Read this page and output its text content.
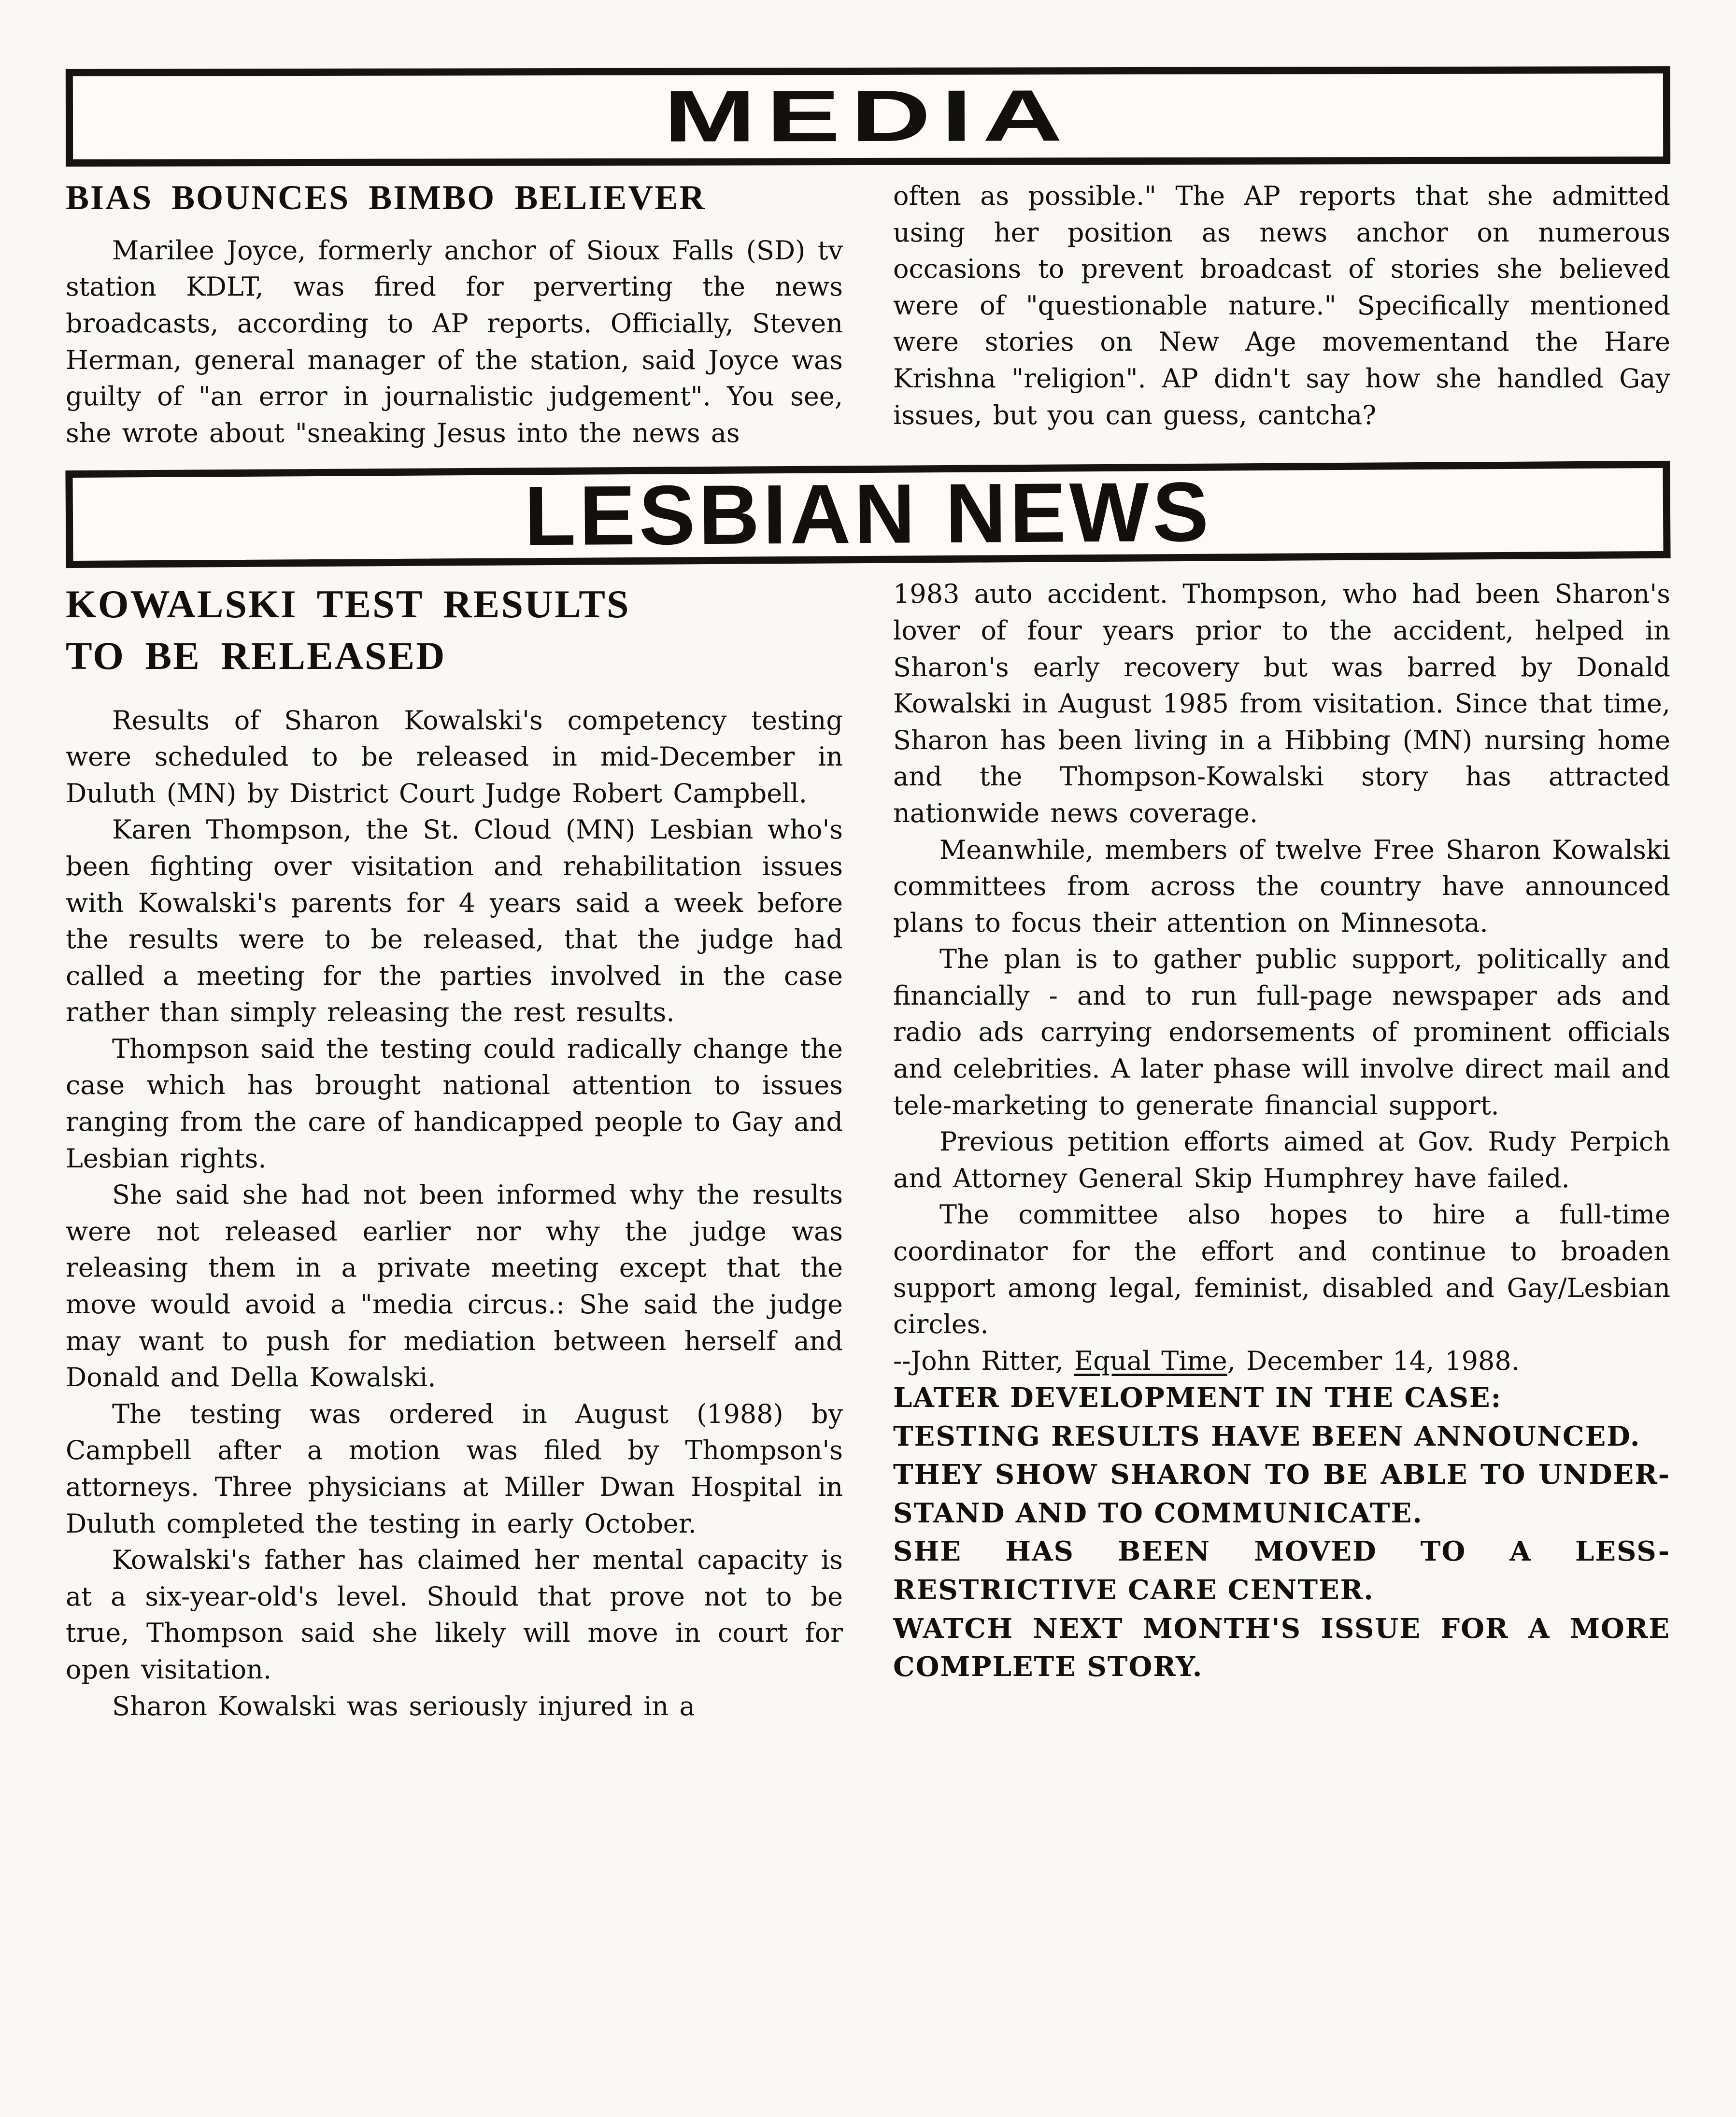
MEDIA
BIAS BOUNCES BIMBO BELIEVER

Marilee Joyce, formerly anchor of Sioux Falls (SD) tv station KDLT, was fired for perverting the news broadcasts, according to AP reports. Officially, Steven Herman, general manager of the station, said Joyce was guilty of "an error in journalistic judgement". You see, she wrote about "sneaking Jesus into the news as

often as possible." The AP reports that she admitted using her position as news anchor on numerous occasions to prevent broadcast of stories she believed were of "questionable nature." Specifically mentioned were stories on New Age movementand the Hare Krishna "religion". AP didn't say how she handled Gay issues, but you can guess, cantcha?

LESBIAN NEWS
KOWALSKI TEST RESULTS
TO BE RELEASED

Results of Sharon Kowalski's competency testing were scheduled to be released in mid-December in Duluth (MN) by District Court Judge Robert Campbell.

Karen Thompson, the St. Cloud (MN) Lesbian who's been fighting over visitation and rehabilitation issues with Kowalski's parents for 4 years said a week before the results were to be released, that the judge had called a meeting for the parties involved in the case rather than simply releasing the rest results.

Thompson said the testing could radically change the case which has brought national attention to issues ranging from the care of handicapped people to Gay and Lesbian rights.

She said she had not been informed why the results were not released earlier nor why the judge was releasing them in a private meeting except that the move would avoid a "media circus.: She said the judge may want to push for mediation between herself and Donald and Della Kowalski.

The testing was ordered in August (1988) by Campbell after a motion was filed by Thompson's attorneys. Three physicians at Miller Dwan Hospital in Duluth completed the testing in early October.

Kowalski's father has claimed her mental capacity is at a six-year-old's level. Should that prove not to be true, Thompson said she likely will move in court for open visitation.

Sharon Kowalski was seriously injured in a

1983 auto accident. Thompson, who had been Sharon's lover of four years prior to the accident, helped in Sharon's early recovery but was barred by Donald Kowalski in August 1985 from visitation. Since that time, Sharon has been living in a Hibbing (MN) nursing home and the Thompson-Kowalski story has attracted nationwide news coverage.

Meanwhile, members of twelve Free Sharon Kowalski committees from across the country have announced plans to focus their attention on Minnesota.

The plan is to gather public support, politically and financially - and to run full-page newspaper ads and radio ads carrying endorsements of prominent officials and celebrities. A later phase will involve direct mail and tele-marketing to generate financial support.

Previous petition efforts aimed at Gov. Rudy Perpich and Attorney General Skip Humphrey have failed.

The committee also hopes to hire a full-time coordinator for the effort and continue to broaden support among legal, feminist, disabled and Gay/Lesbian circles.

--John Ritter, Equal Time, December 14, 1988.

LATER DEVELOPMENT IN THE CASE:

TESTING RESULTS HAVE BEEN ANNOUNCED.

THEY SHOW SHARON TO BE ABLE TO UNDER-STAND AND TO COMMUNICATE.

SHE HAS BEEN MOVED TO A LESS-RESTRICTIVE CARE CENTER.

WATCH NEXT MONTH'S ISSUE FOR A MORE COMPLETE STORY.
